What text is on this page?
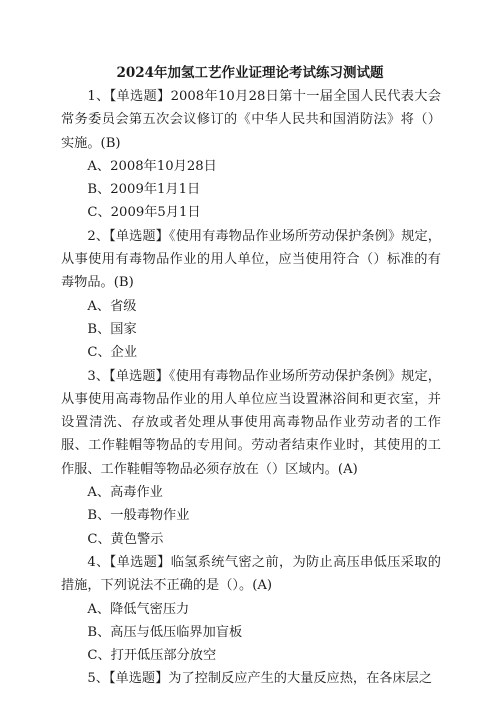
2024年加氢工艺作业证理论考试练习测试题

1、【单选题】2008年10月28日第十一届全国人民代表大会常务委员会第五次会议修订的《中华人民共和国消防法》将（）实施。(B)

A、2008年10月28日

B、2009年1月1日

C、2009年5月1日

2、【单选题】《使用有毒物品作业场所劳动保护条例》规定，从事使用有毒物品作业的用人单位，应当使用符合（）标准的有毒物品。(B)

A、省级

B、国家

C、企业

3、【单选题】《使用有毒物品作业场所劳动保护条例》规定，从事使用高毒物品作业的用人单位应当设置淋浴间和更衣室，并设置清洗、存放或者处理从事使用高毒物品作业劳动者的工作服、工作鞋帽等物品的专用间。劳动者结束作业时，其使用的工作服、工作鞋帽等物品必须存放在（）区域内。(A)

A、高毒作业

B、一般毒物作业

C、黄色警示

4、【单选题】临氢系统气密之前，为防止高压串低压采取的措施，下列说法不正确的是（）。(A)

A、降低气密压力

B、高压与低压临界加盲板

C、打开低压部分放空

5、【单选题】为了控制反应产生的大量反应热，在各床层之
